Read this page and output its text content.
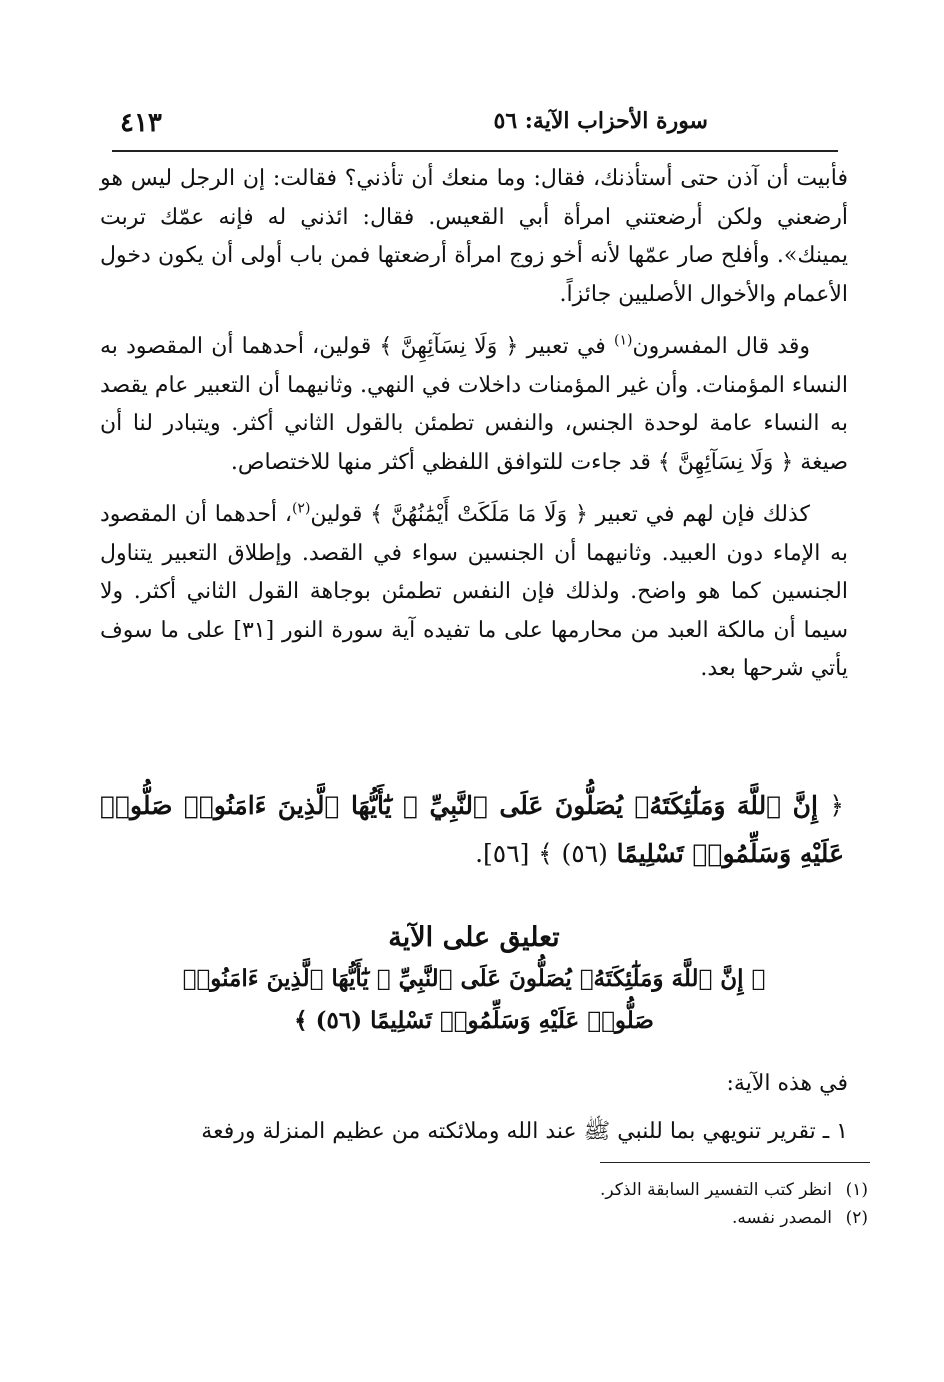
سورة الأحزاب الآية: ٥٦
٤١٣

فأبيت أن آذن حتى أستأذنك، فقال: وما منعك أن تأذني؟ فقالت: إن الرجل ليس هو أرضعني ولكن أرضعتني امرأة أبي القعيس. فقال: ائذني له فإنه عمّك تربت يمينك». وأفلح صار عمّها لأنه أخو زوج امرأة أرضعتها فمن باب أولى أن يكون دخول الأعمام والأخوال الأصليين جائزاً.

وقد قال المفسرون$^{(١)}$ في تعبير ﴿ وَلَا نِسَآئِهِنَّ ﴾ قولين، أحدهما أن المقصود به النساء المؤمنات. وأن غير المؤمنات داخلات في النهي. وثانيهما أن التعبير عام يقصد به النساء عامة لوحدة الجنس، والنفس تطمئن بالقول الثاني أكثر. ويتبادر لنا أن صيغة ﴿ وَلَا نِسَآئِهِنَّ ﴾ قد جاءت للتوافق اللفظي أكثر منها للاختصاص.

كذلك فإن لهم في تعبير ﴿ وَلَا مَا مَلَكَتْ أَيْمَٰنُهُنَّ ﴾ قولين$^{(٢)}$، أحدهما أن المقصود به الإماء دون العبيد. وثانيهما أن الجنسين سواء في القصد. وإطلاق التعبير يتناول الجنسين كما هو واضح. ولذلك فإن النفس تطمئن بوجاهة القول الثاني أكثر. ولا سيما أن مالكة العبد من محارمها على ما تفيده آية سورة النور [٣١] على ما سوف يأتي شرحها بعد.

﴿ إِنَّ ٱللَّهَ وَمَلَٰٓئِكَتَهُۥ يُصَلُّونَ عَلَى ٱلنَّبِيِّ ۚ يَٰٓأَيُّهَا ٱلَّذِينَ ءَامَنُوا۟ صَلُّوا۟ عَلَيْهِ وَسَلِّمُوا۟ تَسْلِيمًا (٥٦) ﴾ [٥٦].

تعليق على الآية

﴿ إِنَّ ٱللَّهَ وَمَلَٰٓئِكَتَهُۥ يُصَلُّونَ عَلَى ٱلنَّبِيِّ ۚ يَٰٓأَيُّهَا ٱلَّذِينَ ءَامَنُوا۟

صَلُّوا۟ عَلَيْهِ وَسَلِّمُوا۟ تَسْلِيمًا (٥٦) ﴾

في هذه الآية:

١ ـ تقرير تنويهي بما للنبي ﷺ عند الله وملائكته من عظيم المنزلة ورفعة

(١)انظر كتب التفسير السابقة الذكر.

(٢)المصدر نفسه.
